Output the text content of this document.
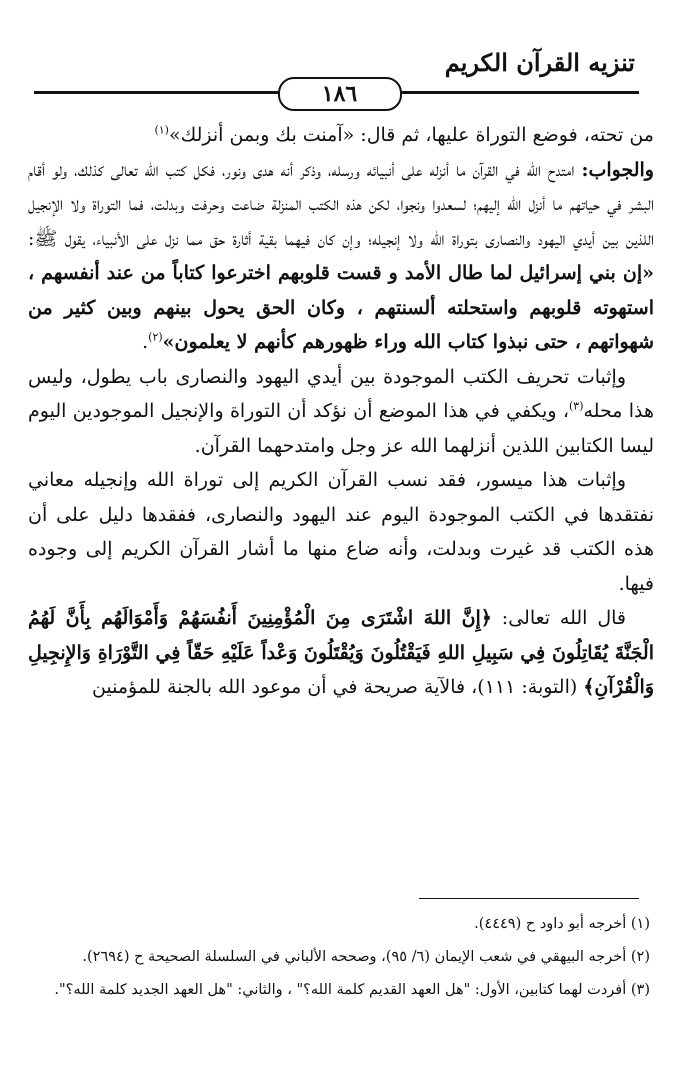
تنزيه القرآن الكريم
١٨٦

من تحته، فوضع التوراة عليها، ثم قال: «آمنت بك وبمن أنزلك»$^{(١)}$

والجواب: امتدح الله في القرآن ما أنزله على أنبيائه ورسله، وذكر أنه هدى ونور، فكل كتب الله تعالى كذلك، ولو أقام البشر في حياتهم ما أنزل الله إليهم؛ لسعدوا ونجوا، لكن هذه الكتب المنزلة ضاعت وحرفت وبدلت، فما التوراة ولا الإنجيل اللذين بين أيدي اليهود والنصارى بتوراة الله ولا إنجيله؛ وإن كان فيهما بقية أثارة حق مما نزل على الأنبياء، يقول ﷺ: «إن بني إسرائيل لما طال الأمد و قست قلوبهم اخترعوا كتاباً من عند أنفسهم ، استهوته قلوبهم واستحلته ألسنتهم ، وكان الحق يحول بينهم وبين كثير من شهواتهم ، حتى نبذوا كتاب الله وراء ظهورهم كأنهم لا يعلمون»$^{(٢)}$.

وإثبات تحريف الكتب الموجودة بين أيدي اليهود والنصارى باب يطول، وليس هذا محله$^{(٣)}$، ويكفي في هذا الموضع أن نؤكد أن التوراة والإنجيل الموجودين اليوم ليسا الكتابين اللذين أنزلهما الله عز وجل وامتدحهما القرآن.

وإثبات هذا ميسور، فقد نسب القرآن الكريم إلى توراة الله وإنجيله معاني نفتقدها في الكتب الموجودة اليوم عند اليهود والنصارى، ففقدها دليل على أن هذه الكتب قد غيرت وبدلت، وأنه ضاع منها ما أشار القرآن الكريم إلى وجوده فيها.

قال الله تعالى: ﴿إِنَّ اللهَ اشْتَرَى مِنَ الْمُؤْمِنِينَ أَنفُسَهُمْ وَأَمْوَالَهُم بِأَنَّ لَهُمُ الْجَنَّةَ يُقَاتِلُونَ فِي سَبِيلِ اللهِ فَيَقْتُلُونَ وَيُقْتَلُونَ وَعْداً عَلَيْهِ حَقّاً فِي التَّوْرَاةِ وَالإِنجِيلِ وَالْقُرْآنِ﴾ (التوبة: ١١١)، فالآية صريحة في أن موعود الله بالجنة للمؤمنين

(١) أخرجه أبو داود ح (٤٤٤٩).

(٢) أخرجه البيهقي في شعب الإيمان (٦/ ٩٥)، وصححه الألباني في السلسلة الصحيحة ح (٢٦٩٤).

(٣) أفردت لهما كتابين، الأول: "هل العهد القديم كلمة الله؟" ، والثاني: "هل العهد الجديد كلمة الله؟".
